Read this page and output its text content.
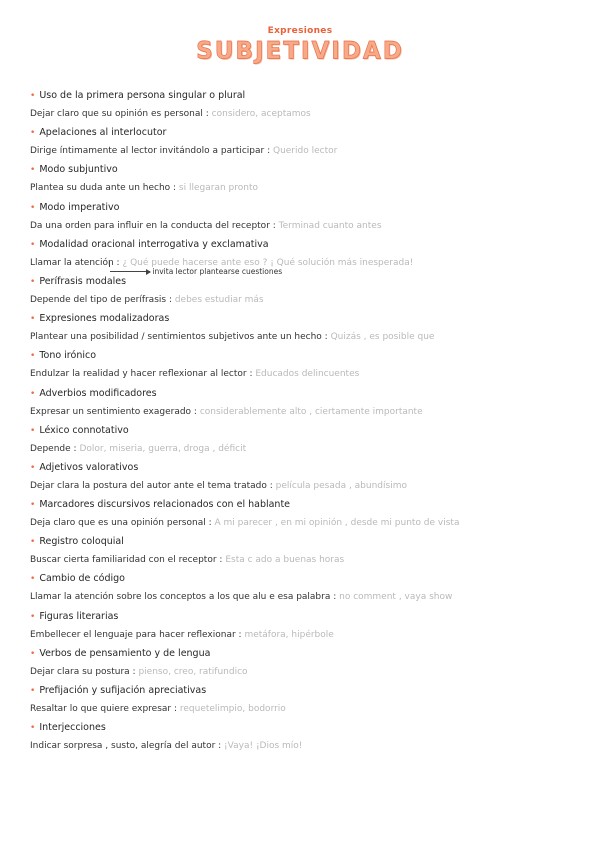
Expresiones
SUBJETIVIDAD
• Uso de la primera persona singular o plural
Dejar claro que su opinión es personal : considero, aceptamos
• Apelaciones al interlocutor
Dirige íntimamente al lector invitándolo a participar : Querido lector
• Modo subjuntivo
Plantea su duda ante un hecho : si llegaran pronto
• Modo imperativo
Da una orden para influir en la conducta del receptor : Terminad cuanto antes
• Modalidad oracional interrogativa y exclamativa
Llamar la atención : ¿ Qué puede hacerse ante eso ? ¡ Qué solución más inesperada!
invita lector plantearse cuestiones
• Perífrasis modales
Depende del tipo de perífrasis : debes estudiar más
• Expresiones modalizadoras
Plantear una posibilidad / sentimientos subjetivos ante un hecho : Quizás , es posible que
• Tono irónico
Endulzar la realidad y hacer reflexionar al lector : Educados delincuentes
• Adverbios modificadores
Expresar un sentimiento exagerado : considerablemente alto , ciertamente importante
• Léxico connotativo
Depende : Dolor, miseria, guerra, droga , déficit
• Adjetivos valorativos
Dejar clara la postura del autor ante el tema tratado : película pesada , abundísimo
• Marcadores discursivos relacionados con el hablante
Deja claro que es una opinión personal : A mi parecer , en mi opinión , desde mi punto de vista
• Registro coloquial
Buscar cierta familiaridad con el receptor : Esta c ado a buenas horas
• Cambio de código
Llamar la atención sobre los conceptos a los que alu e esa palabra : no comment , vaya show
• Figuras literarias
Embellecer el lenguaje para hacer reflexionar : metáfora, hipérbole
• Verbos de pensamiento y de lengua
Dejar clara su postura : pienso, creo, ratifundico
• Prefijación y sufijación apreciativas
Resaltar lo que quiere expresar : requetelimpio, bodorrio
• Interjecciones
Indicar sorpresa , susto, alegría del autor : ¡Vaya! ¡Dios mío!
